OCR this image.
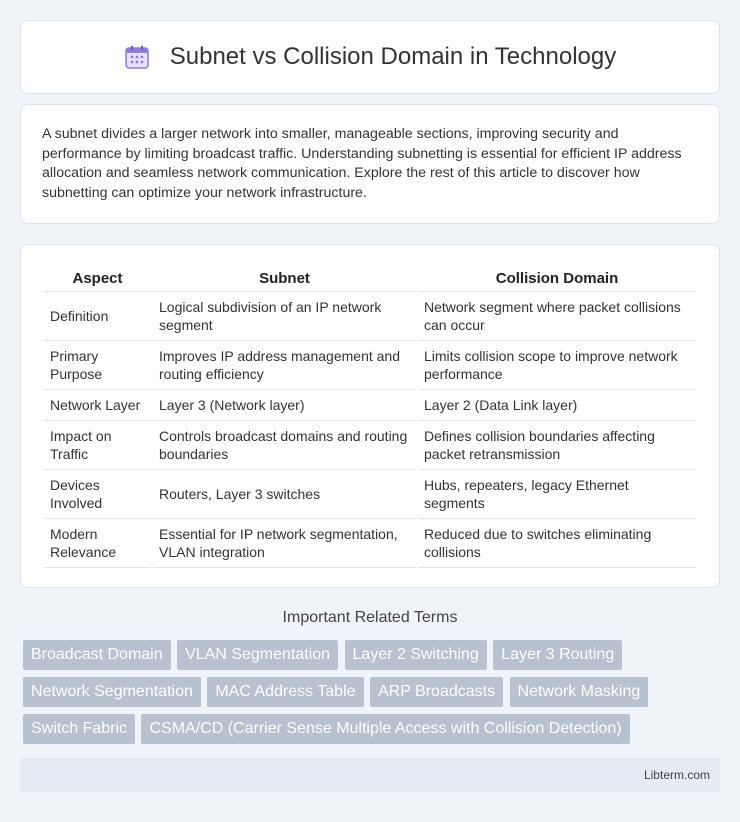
Subnet vs Collision Domain in Technology

A subnet divides a larger network into smaller, manageable sections, improving security and performance by limiting broadcast traffic. Understanding subnetting is essential for efficient IP address allocation and seamless network communication. Explore the rest of this article to discover how subnetting can optimize your network infrastructure.

Aspect	Subnet	Collision Domain
Definition	Logical subdivision of an IP network segment	Network segment where packet collisions can occur
Primary Purpose	Improves IP address management and routing efficiency	Limits collision scope to improve network performance
Network Layer	Layer 3 (Network layer)	Layer 2 (Data Link layer)
Impact on Traffic	Controls broadcast domains and routing boundaries	Defines collision boundaries affecting packet retransmission
Devices Involved	Routers, Layer 3 switches	Hubs, repeaters, legacy Ethernet segments
Modern Relevance	Essential for IP network segmentation, VLAN integration	Reduced due to switches eliminating collisions
Important Related Terms
Broadcast Domain VLAN Segmentation Layer 2 Switching Layer 3 Routing Network Segmentation MAC Address Table ARP Broadcasts Network Masking Switch Fabric CSMA/CD (Carrier Sense Multiple Access with Collision Detection)
Libterm.com
